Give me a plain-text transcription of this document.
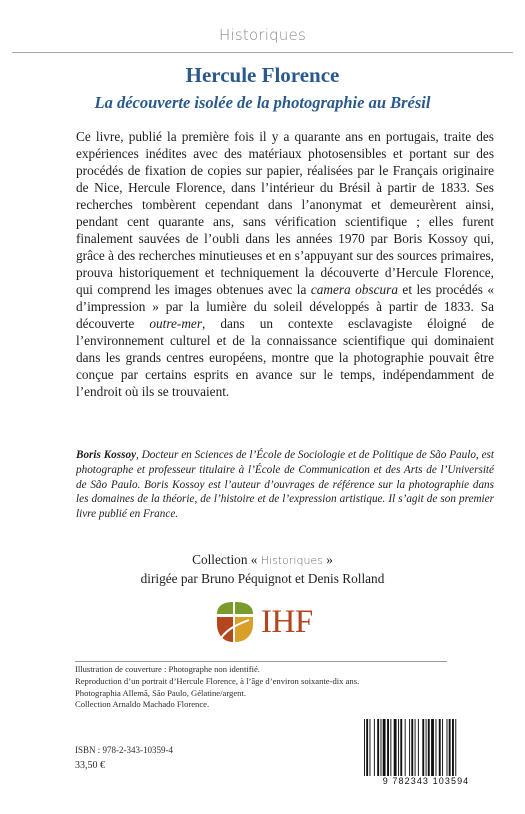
Historiques
Hercule Florence
La découverte isolée de la photographie au Brésil
Ce livre, publié la première fois il y a quarante ans en portugais, traite des expériences inédites avec des matériaux photosensibles et portant sur des procédés de fixation de copies sur papier, réalisées par le Français originaire de Nice, Hercule Florence, dans l’intérieur du Brésil à partir de 1833. Ses recherches tombèrent cependant dans l’anonymat et demeurèrent ainsi, pendant cent quarante ans, sans vérification scientifique ; elles furent finalement sauvées de l’oubli dans les années 1970 par Boris Kossoy qui, grâce à des recherches minutieuses et en s’appuyant sur des sources primaires, prouva historiquement et techniquement la découverte d’Hercule Florence, qui comprend les images obtenues avec la camera obscura et les procédés « d’impression » par la lumière du soleil développés à partir de 1833. Sa découverte outre-mer, dans un contexte esclavagiste éloigné de l’environnement culturel et de la connaissance scientifique qui dominaient dans les grands centres européens, montre que la photographie pouvait être conçue par certains esprits en avance sur le temps, indépendamment de l’endroit où ils se trouvaient.
Boris Kossoy, Docteur en Sciences de l’École de Sociologie et de Politique de São Paulo, est photographe et professeur titulaire à l’École de Communication et des Arts de l’Université de São Paulo. Boris Kossoy est l’auteur d’ouvrages de référence sur la photographie dans les domaines de la théorie, de l’histoire et de l’expression artistique. Il s’agit de son premier livre publié en France.
Collection « Historiques »
dirigée par Bruno Péquignot et Denis Rolland
IHF
Illustration de couverture : Photographe non identifié.
Reproduction d’un portrait d’Hercule Florence, à l’âge d’environ soixante-dix ans.
Photographia Allemã, São Paulo, Gélatine/argent.
Collection Arnaldo Machado Florence.
ISBN : 978-2-343-10359-4
33,50 €
9 782343 103594
